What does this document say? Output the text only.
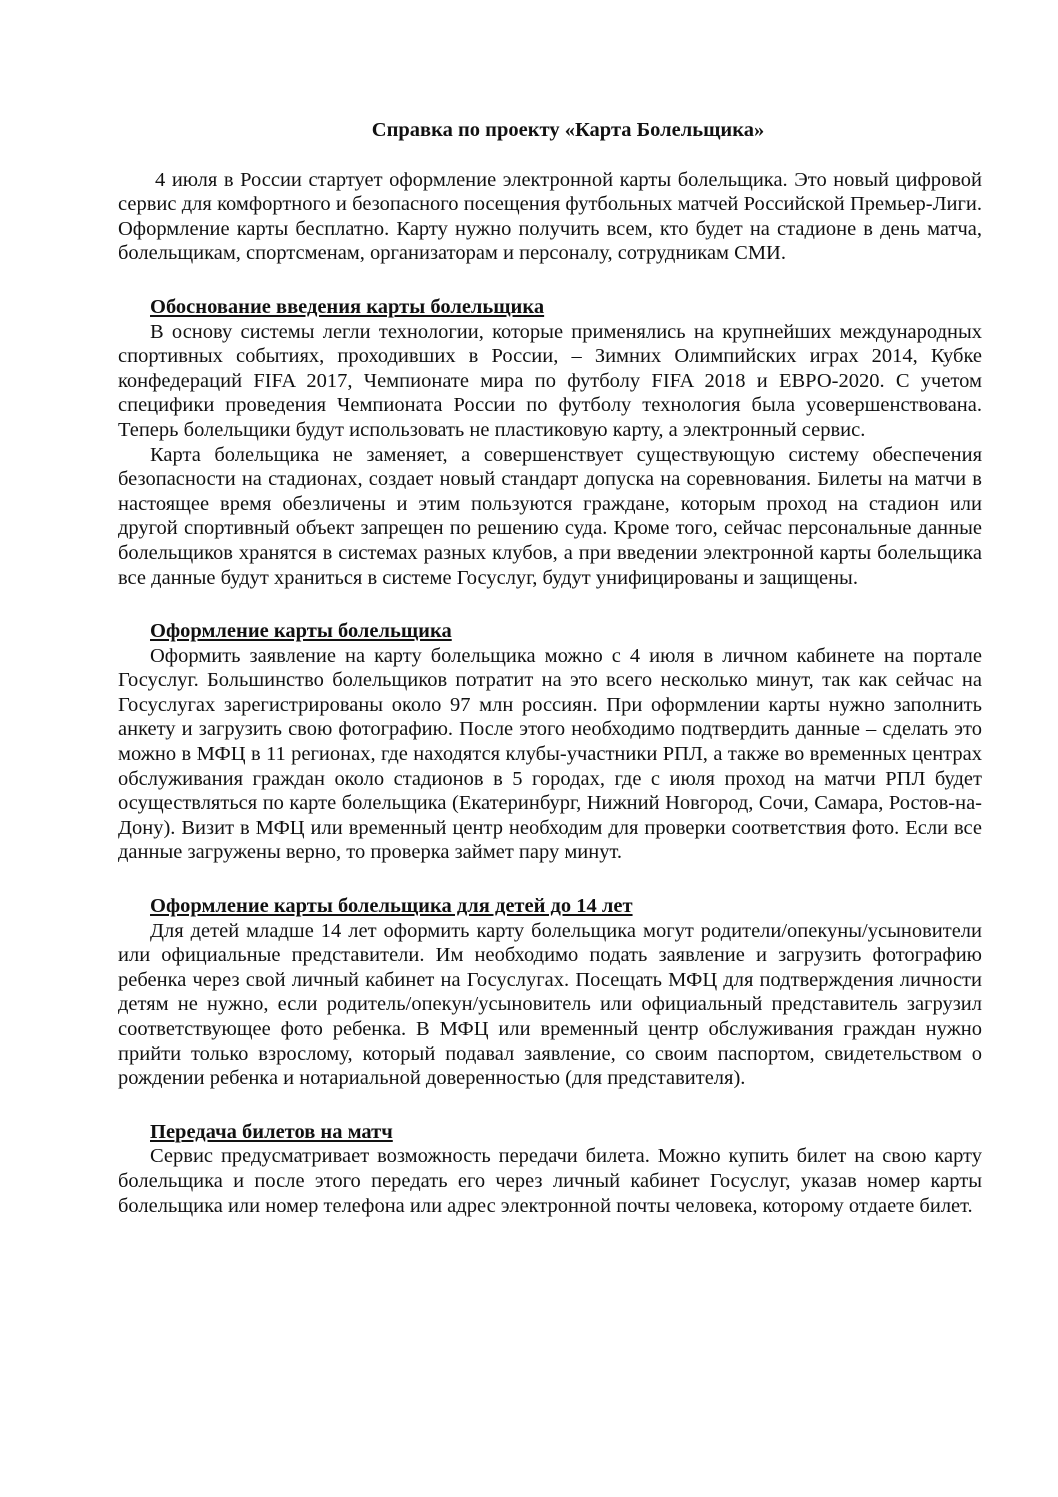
Справка по проекту «Карта Болельщика»

4 июля в России стартует оформление электронной карты болельщика. Это новый цифровой сервис для комфортного и безопасного посещения футбольных матчей Российской Премьер-Лиги. Оформление карты бесплатно. Карту нужно получить всем, кто будет на стадионе в день матча, болельщикам, спортсменам, организаторам и персоналу, сотрудникам СМИ.

Обоснование введения карты болельщика

В основу системы легли технологии, которые применялись на крупнейших международных спортивных событиях, проходивших в России, – Зимних Олимпийских играх 2014, Кубке конфедераций FIFA 2017, Чемпионате мира по футболу FIFA 2018 и ЕВРО-2020. С учетом специфики проведения Чемпионата России по футболу технология была усовершенствована. Теперь болельщики будут использовать не пластиковую карту, а электронный сервис.

Карта болельщика не заменяет, а совершенствует существующую систему обеспечения безопасности на стадионах, создает новый стандарт допуска на соревнования. Билеты на матчи в настоящее время обезличены и этим пользуются граждане, которым проход на стадион или другой спортивный объект запрещен по решению суда. Кроме того, сейчас персональные данные болельщиков хранятся в системах разных клубов, а при введении электронной карты болельщика все данные будут храниться в системе Госуслуг, будут унифицированы и защищены.

Оформление карты болельщика

Оформить заявление на карту болельщика можно с 4 июля в личном кабинете на портале Госуслуг. Большинство болельщиков потратит на это всего несколько минут, так как сейчас на Госуслугах зарегистрированы около 97 млн россиян. При оформлении карты нужно заполнить анкету и загрузить свою фотографию. После этого необходимо подтвердить данные – сделать это можно в МФЦ в 11 регионах, где находятся клубы-участники РПЛ, а также во временных центрах обслуживания граждан около стадионов в 5 городах, где с июля проход на матчи РПЛ будет осуществляться по карте болельщика (Екатеринбург, Нижний Новгород, Сочи, Самара, Ростов-на-Дону). Визит в МФЦ или временный центр необходим для проверки соответствия фото. Если все данные загружены верно, то проверка займет пару минут.

Оформление карты болельщика для детей до 14 лет

Для детей младше 14 лет оформить карту болельщика могут родители/опекуны/усыновители или официальные представители. Им необходимо подать заявление и загрузить фотографию ребенка через свой личный кабинет на Госуслугах. Посещать МФЦ для подтверждения личности детям не нужно, если родитель/опекун/усыновитель или официальный представитель загрузил соответствующее фото ребенка. В МФЦ или временный центр обслуживания граждан нужно прийти только взрослому, который подавал заявление, со своим паспортом, свидетельством о рождении ребенка и нотариальной доверенностью (для представителя).

Передача билетов на матч

Сервис предусматривает возможность передачи билета. Можно купить билет на свою карту болельщика и после этого передать его через личный кабинет Госуслуг, указав номер карты болельщика или номер телефона или адрес электронной почты человека, которому отдаете билет.
